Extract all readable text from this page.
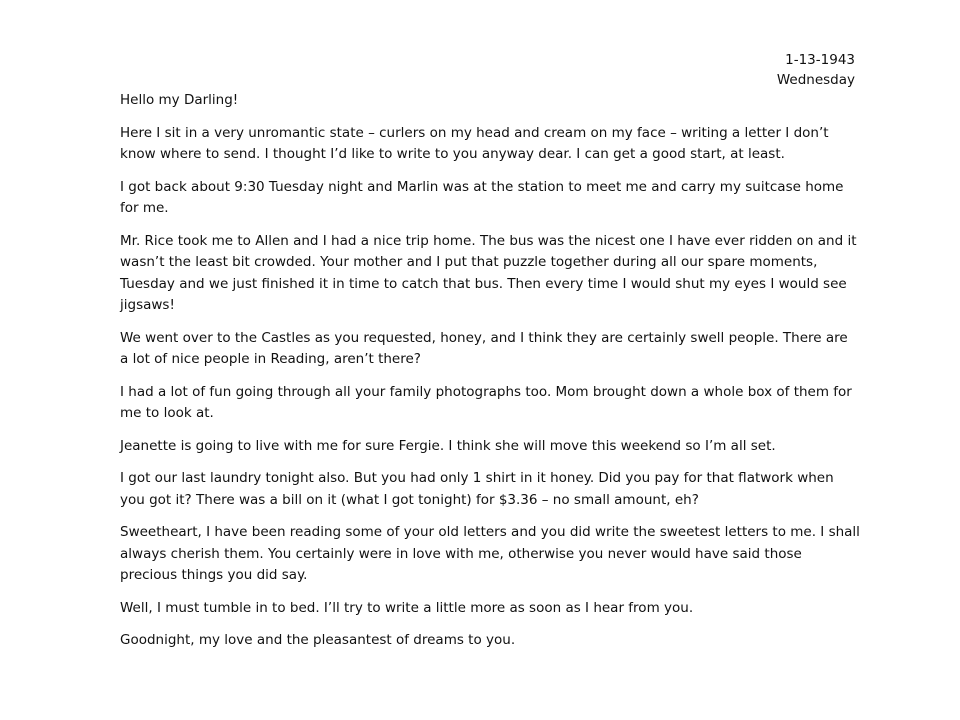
1-13-1943
Wednesday

Hello my Darling!

Here I sit in a very unromantic state – curlers on my head and cream on my face – writing a letter I don’t know where to send. I thought I’d like to write to you anyway dear. I can get a good start, at least.

I got back about 9:30 Tuesday night and Marlin was at the station to meet me and carry my suitcase home for me.

Mr. Rice took me to Allen and I had a nice trip home. The bus was the nicest one I have ever ridden on and it wasn’t the least bit crowded. Your mother and I put that puzzle together during all our spare moments, Tuesday and we just finished it in time to catch that bus. Then every time I would shut my eyes I would see jigsaws!

We went over to the Castles as you requested, honey, and I think they are certainly swell people. There are a lot of nice people in Reading, aren’t there?

I had a lot of fun going through all your family photographs too. Mom brought down a whole box of them for me to look at.

Jeanette is going to live with me for sure Fergie. I think she will move this weekend so I’m all set.

I got our last laundry tonight also. But you had only 1 shirt in it honey. Did you pay for that flatwork when you got it? There was a bill on it (what I got tonight) for $3.36 – no small amount, eh?

Sweetheart, I have been reading some of your old letters and you did write the sweetest letters to me. I shall always cherish them. You certainly were in love with me, otherwise you never would have said those precious things you did say.

Well, I must tumble in to bed. I’ll try to write a little more as soon as I hear from you.

Goodnight, my love and the pleasantest of dreams to you.
